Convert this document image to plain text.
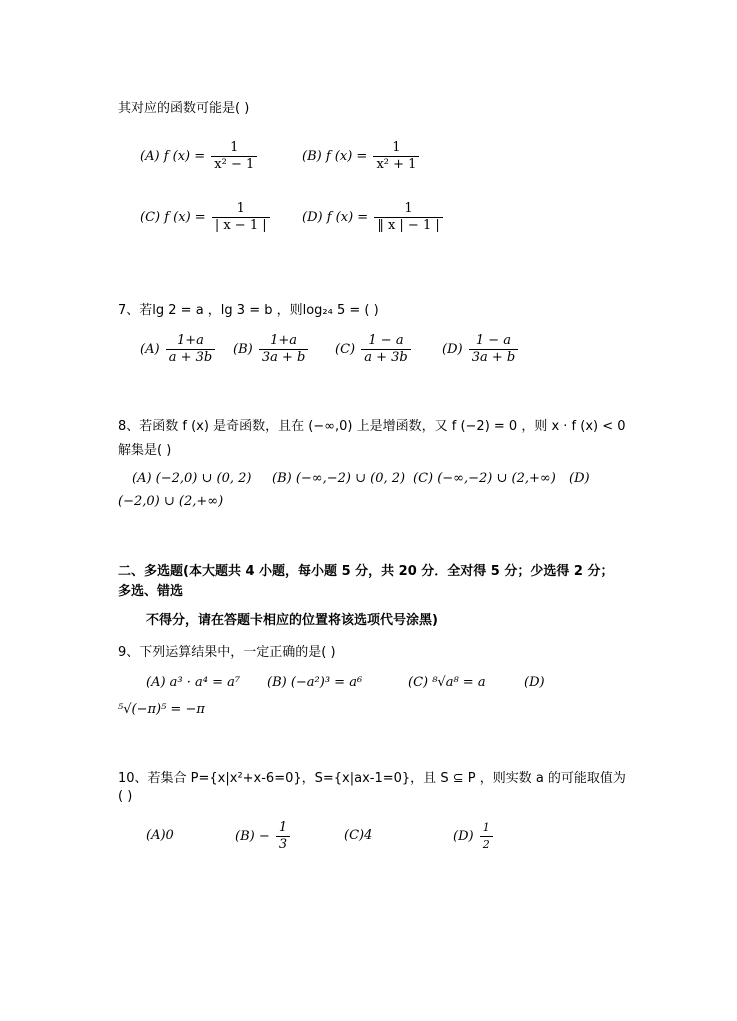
其对应的函数可能是( )
(A) f $(x) = \frac{1}{\text{x² − 1}}$	(B) f $(x) = \frac{1}{\text{x² + 1}}$
(C) f $(x) = \frac{1}{| x - 1 |} (D)$ f $(x) = \frac{1}{‖ x | - 1 |}$
7、若lg 2 = a ，lg 3 = b ，则log₂₄ 5 = ( )
$(A) \frac{1+a}{a + 3b} (B) \frac{1+a}{3a + b} (C) \frac{1 - a}{a + 3b} (D) \frac{1 - a}{3a + b}$
8、若函数 f (x) 是奇函数，且在 (−∞,0) 上是增函数，又 f (−2) = 0 ，则 x · f (x) < 0
解集是( )
(A) (−2,0) ∪ (0, 2) (B) (−∞,−2) ∪ (0, 2) (C) (−∞,−2) ∪ (2,+∞) (D)
(−2,0) ∪ (2,+∞)
二、多选题(本大题共 4 小题，每小题 5 分，共 20 分．全对得 5 分；少选得 2 分；
多选、错选
不得分，请在答题卡相应的位置将该选项代号涂黑)
9、下列运算结果中，一定正确的是( )
(A) a³ · a⁴ = a⁷ (B) (−a²)³ = a⁶	(C) ⁸√a⁸ = a	(D)
⁵√(−π)⁵ = −π
10、若集合 P={x|x²+x-6=0}，S={x|ax-1=0}，且 S ⊆ P ，则实数 a 的可能取值为
( )
(A)0	$(B) - \frac{1}{3}$	(C)4	$(D) \frac{1}{2}$
